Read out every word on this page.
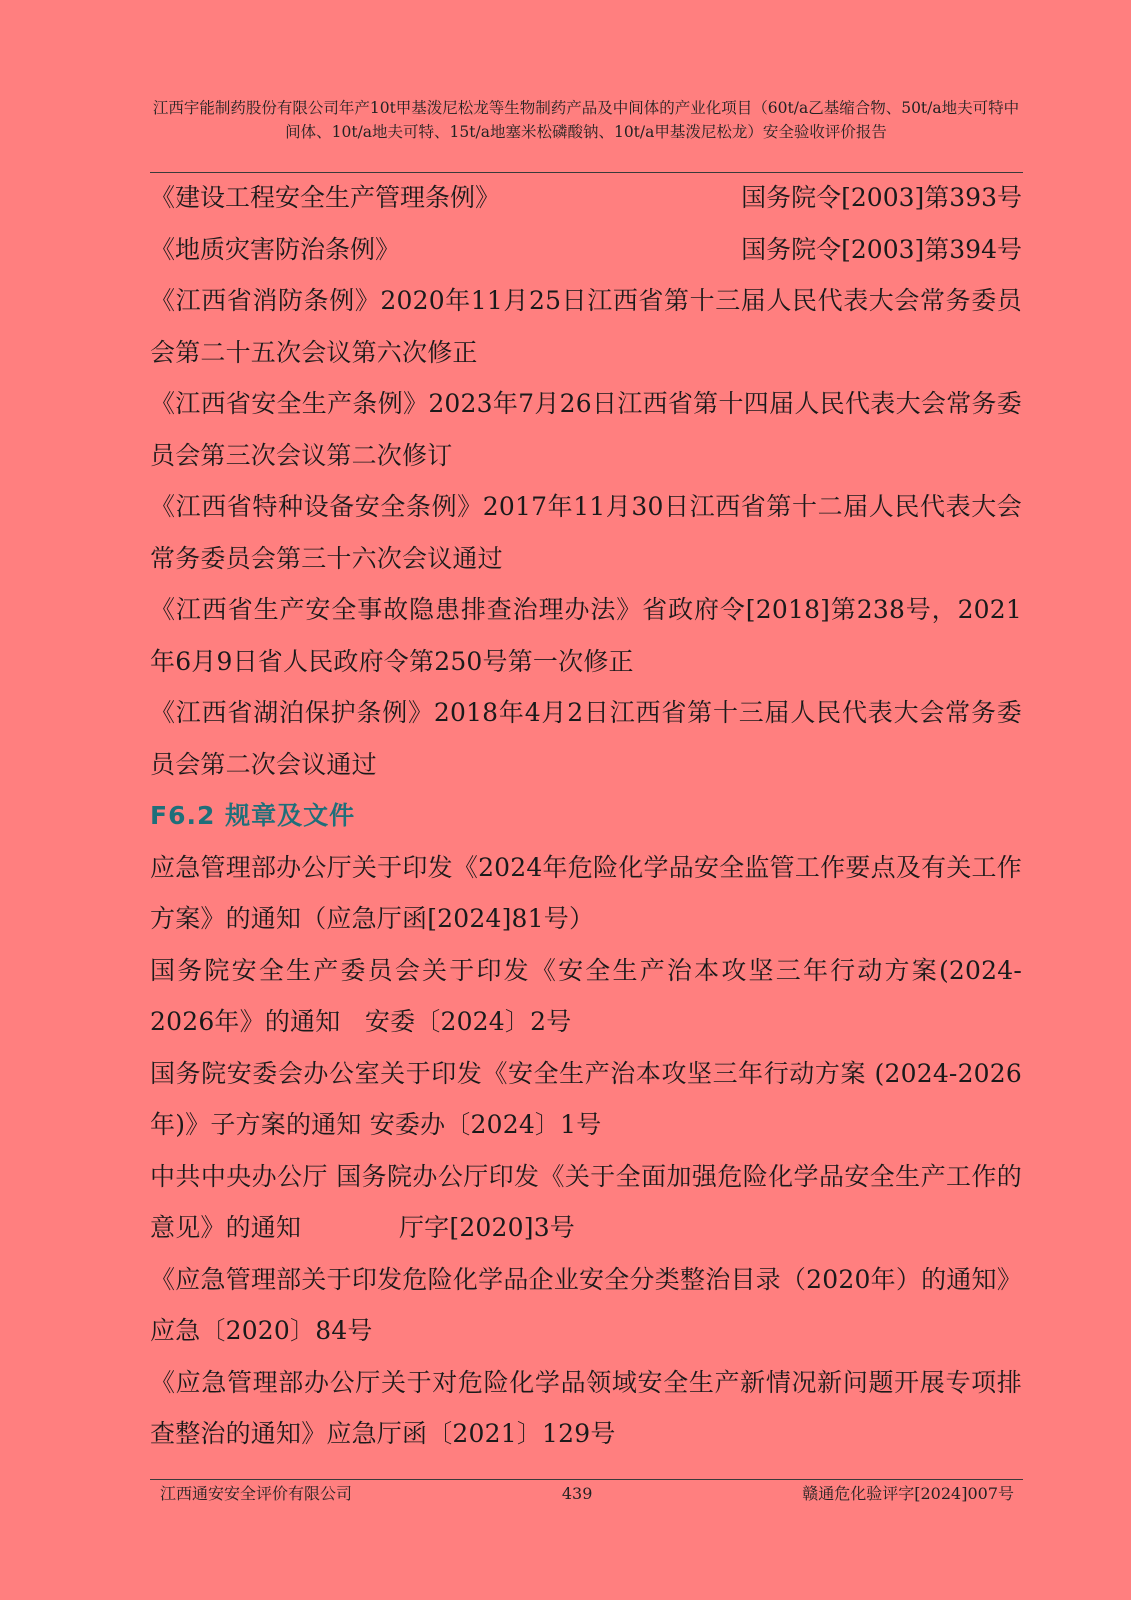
江西宇能制药股份有限公司年产10t甲基泼尼松龙等生物制药产品及中间体的产业化项目（60t/a乙基缩合物、50t/a地夫可特中间体、10t/a地夫可特、15t/a地塞米松磷酸钠、10t/a甲基泼尼松龙）安全验收评价报告
《建设工程安全生产管理条例》	国务院令[2003]第393号
《地质灾害防治条例》	国务院令[2003]第394号

《江西省消防条例》2020年11月25日江西省第十三届人民代表大会常务委员会第二十五次会议第六次修正

《江西省安全生产条例》2023年7月26日江西省第十四届人民代表大会常务委员会第三次会议第二次修订

《江西省特种设备安全条例》2017年11月30日江西省第十二届人民代表大会常务委员会第三十六次会议通过

《江西省生产安全事故隐患排查治理办法》省政府令[2018]第238号，2021年6月9日省人民政府令第250号第一次修正

《江西省湖泊保护条例》2018年4月2日江西省第十三届人民代表大会常务委员会第二次会议通过

F6.2 规章及文件

应急管理部办公厅关于印发《2024年危险化学品安全监管工作要点及有关工作方案》的通知（应急厅函[2024]81号）

国务院安全生产委员会关于印发《安全生产治本攻坚三年行动方案(2024-2026年》的通知   安委〔2024〕2号

国务院安委会办公室关于印发《安全生产治本攻坚三年行动方案 (2024-2026年)》子方案的通知 安委办〔2024〕1号

中共中央办公厅 国务院办公厅印发《关于全面加强危险化学品安全生产工作的意见》的通知            厅字[2020]3号

《应急管理部关于印发危险化学品企业安全分类整治目录（2020年）的通知》应急〔2020〕84号

《应急管理部办公厅关于对危险化学品领域安全生产新情况新问题开展专项排查整治的通知》应急厅函〔2021〕129号

江西通安安全评价有限公司	439	赣通危化验评字[2024]007号
